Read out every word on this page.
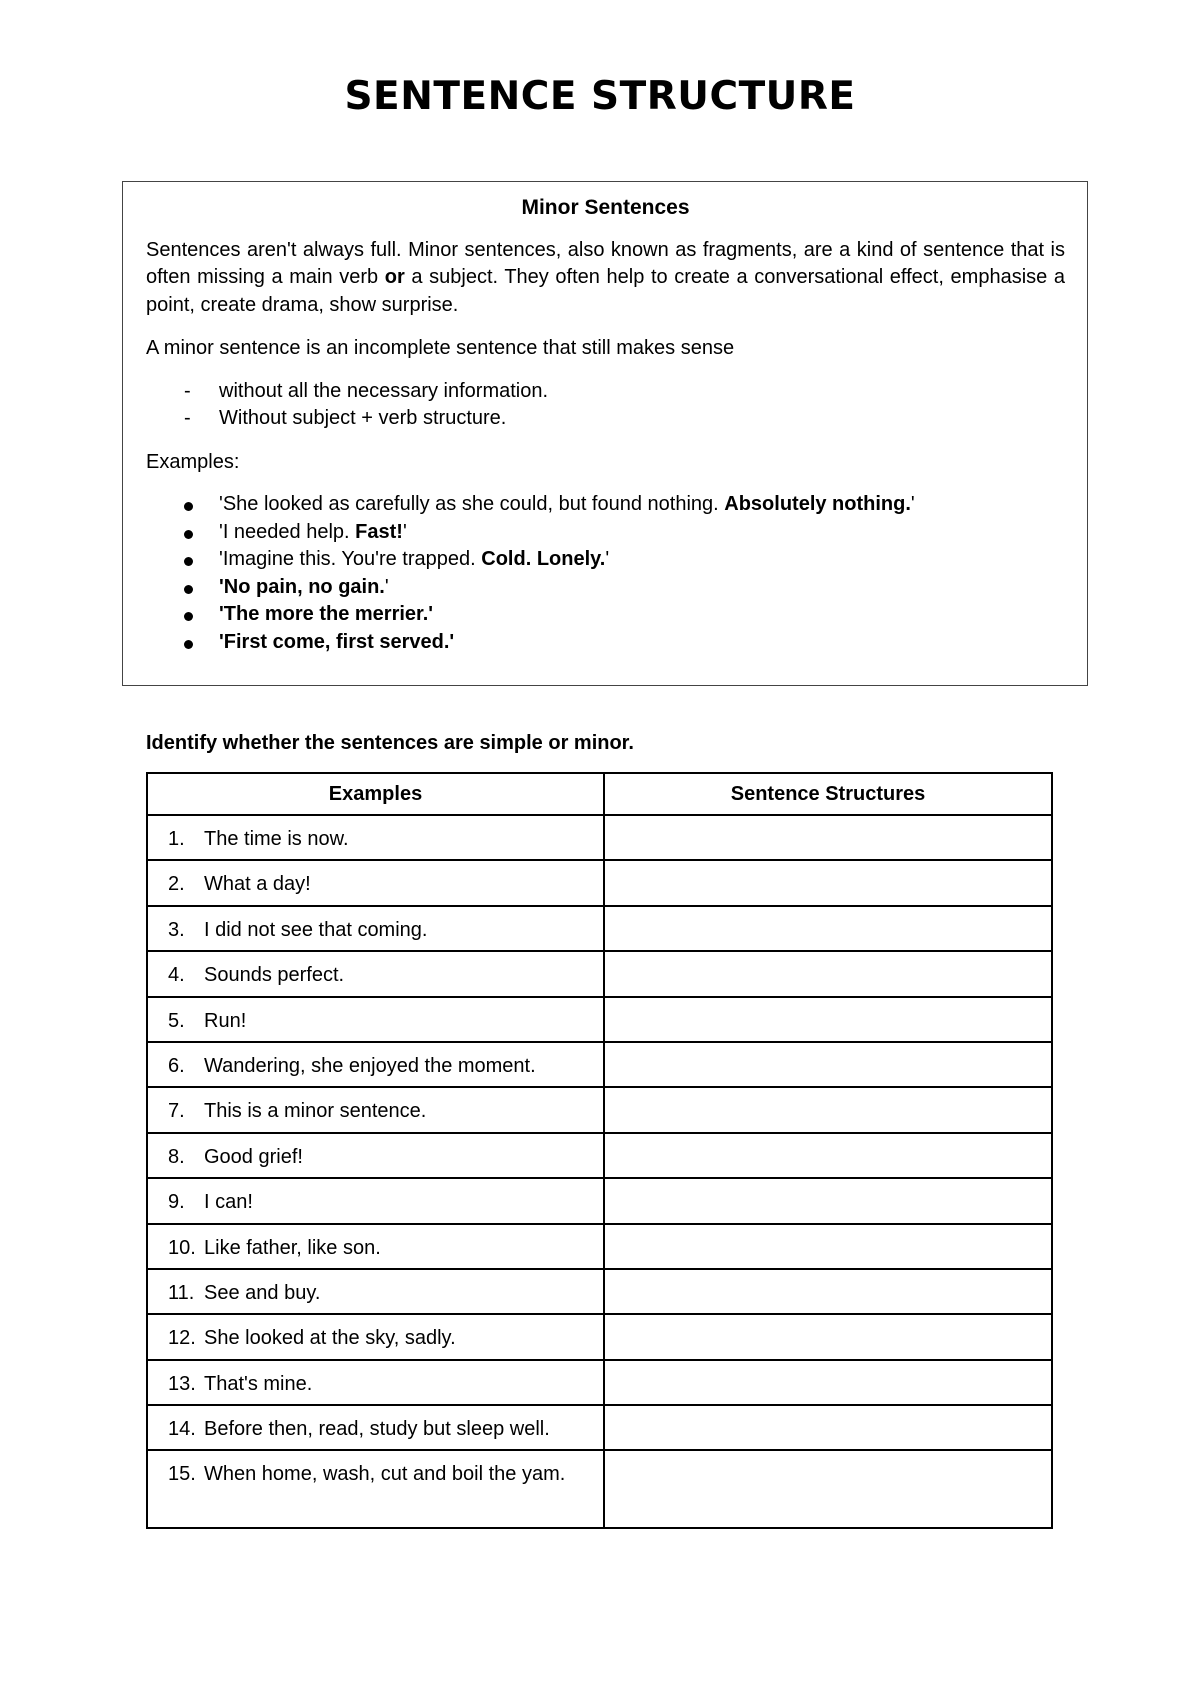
SENTENCE STRUCTURE
Minor Sentences

Sentences aren't always full. Minor sentences, also known as fragments, are a kind of sentence that is often missing a main verb or a subject. They often help to create a conversational effect, emphasise a point, create drama, show surprise.

A minor sentence is an incomplete sentence that still makes sense

- without all the necessary information.
- Without subject + verb structure.

Examples:

'She looked as carefully as she could, but found nothing. Absolutely nothing.'
'I needed help. Fast!'
'Imagine this. You're trapped. Cold. Lonely.'
'No pain, no gain.'
'The more the merrier.'
'First come, first served.'

Identify whether the sentences are simple or minor.

Examples	Sentence Structures

1. The time is now.	

2. What a day!	

3. I did not see that coming.	

4. Sounds perfect.	

5. Run!	

6. Wandering, she enjoyed the moment.	

7. This is a minor sentence.	

8. Good grief!	

9. I can!	

10. Like father, like son.	

11. See and buy.	

12. She looked at the sky, sadly.	

13. That's mine.	

14. Before then, read, study but sleep well.	

15. When home, wash, cut and boil the yam.	
